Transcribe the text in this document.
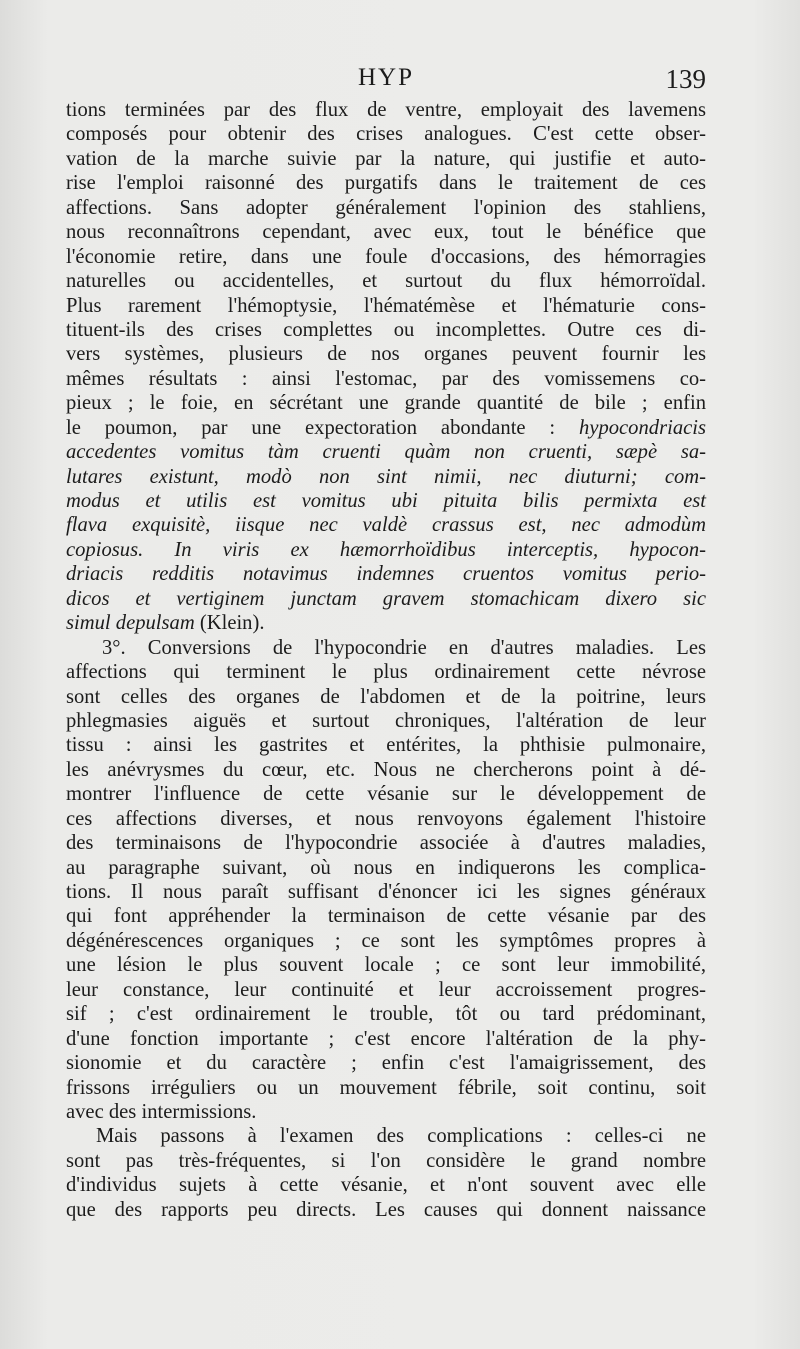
HYP	139
tions terminées par des flux de ventre, employait des lavemens
composés pour obtenir des crises analogues. C'est cette obser-
vation de la marche suivie par la nature, qui justifie et auto-
rise l'emploi raisonné des purgatifs dans le traitement de ces
affections. Sans adopter généralement l'opinion des stahliens,
nous reconnaîtrons cependant, avec eux, tout le bénéfice que
l'économie retire, dans une foule d'occasions, des hémorragies
naturelles ou accidentelles, et surtout du flux hémorroïdal.
Plus rarement l'hémoptysie, l'hématémèse et l'hématurie cons-
tituent-ils des crises complettes ou incomplettes. Outre ces di-
vers systèmes, plusieurs de nos organes peuvent fournir les
mêmes résultats : ainsi l'estomac, par des vomissemens co-
pieux ; le foie, en sécrétant une grande quantité de bile ; enfin
le poumon, par une expectoration abondante : hypocondriacis
accedentes vomitus tàm cruenti quàm non cruenti, sæpè sa-
lutares existunt, modò non sint nimii, nec diuturni; com-
modus et utilis est vomitus ubi pituita bilis permixta est
flava exquisitè, iisque nec valdè crassus est, nec admodùm
copiosus. In viris ex hæmorrhoïdibus interceptis, hypocon-
driacis redditis notavimus indemnes cruentos vomitus perio-
dicos et vertiginem junctam gravem stomachicam dixero sic
simul depulsam (Klein).
3°. Conversions de l'hypocondrie en d'autres maladies. Les
affections qui terminent le plus ordinairement cette névrose
sont celles des organes de l'abdomen et de la poitrine, leurs
phlegmasies aiguës et surtout chroniques, l'altération de leur
tissu : ainsi les gastrites et entérites, la phthisie pulmonaire,
les anévrysmes du cœur, etc. Nous ne chercherons point à dé-
montrer l'influence de cette vésanie sur le développement de
ces affections diverses, et nous renvoyons également l'histoire
des terminaisons de l'hypocondrie associée à d'autres maladies,
au paragraphe suivant, où nous en indiquerons les complica-
tions. Il nous paraît suffisant d'énoncer ici les signes généraux
qui font appréhender la terminaison de cette vésanie par des
dégénérescences organiques ; ce sont les symptômes propres à
une lésion le plus souvent locale ; ce sont leur immobilité,
leur constance, leur continuité et leur accroissement progres-
sif ; c'est ordinairement le trouble, tôt ou tard prédominant,
d'une fonction importante ; c'est encore l'altération de la phy-
sionomie et du caractère ; enfin c'est l'amaigrissement, des
frissons irréguliers ou un mouvement fébrile, soit continu, soit
avec des intermissions.
Mais passons à l'examen des complications : celles-ci ne
sont pas très-fréquentes, si l'on considère le grand nombre
d'individus sujets à cette vésanie, et n'ont souvent avec elle
que des rapports peu directs. Les causes qui donnent naissance
